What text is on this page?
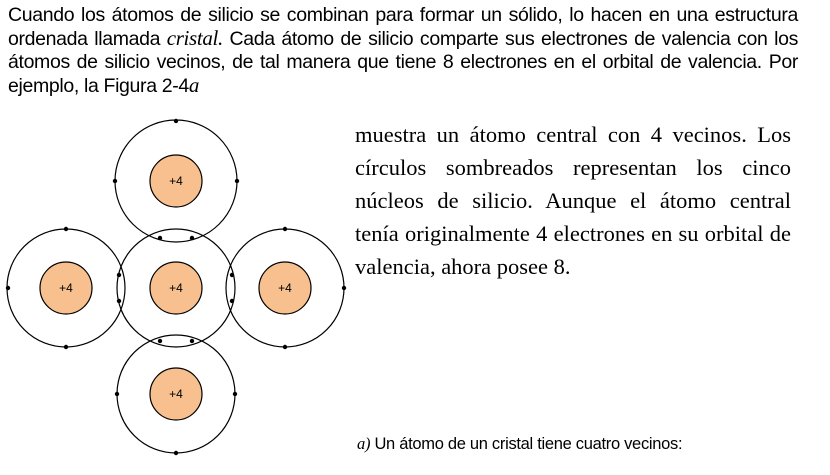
Cuando los átomos de silicio se combinan para formar un sólido, lo hacen en una estructura ordenada llamada cristal. Cada átomo de silicio comparte sus electrones de valencia con los átomos de silicio vecinos, de tal manera que tiene 8 electrones en el orbital de valencia. Por ejemplo, la Figura 2-4a

+4
+4	+4	+4
+4

muestra un átomo central con 4 vecinos. Los círculos sombreados representan los cinco núcleos de silicio. Aunque el átomo central tenía originalmente 4 electrones en su orbital de valencia, ahora posee 8.

a) Un átomo de un cristal tiene cuatro vecinos:
